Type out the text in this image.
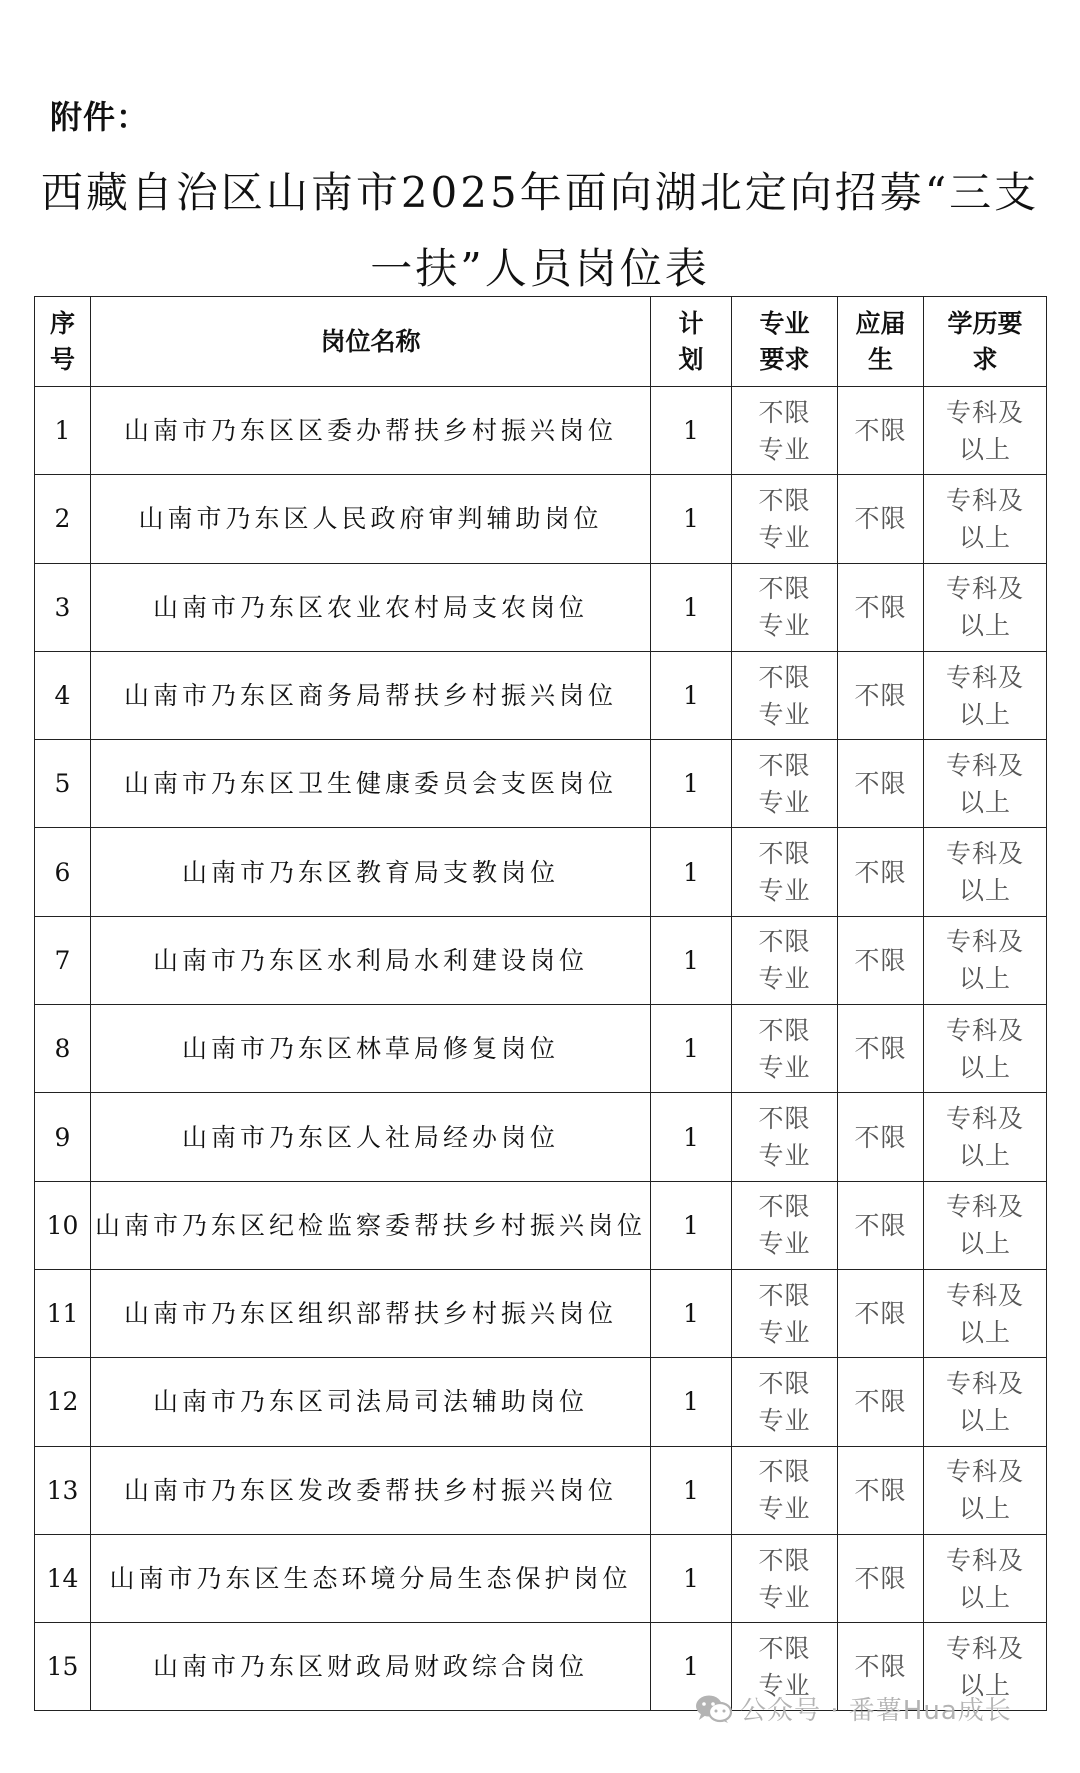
附件：
西藏自治区山南市2025年面向湖北定向招募“三支一扶”人员岗位表
序号	岗位名称	计划	专业要求	应届生	学历要求

1	山南市乃东区区委办帮扶乡村振兴岗位	1	不限专业	不限	专科及以上

2	山南市乃东区人民政府审判辅助岗位	1	不限专业	不限	专科及以上

3	山南市乃东区农业农村局支农岗位	1	不限专业	不限	专科及以上

4	山南市乃东区商务局帮扶乡村振兴岗位	1	不限专业	不限	专科及以上

5	山南市乃东区卫生健康委员会支医岗位	1	不限专业	不限	专科及以上

6	山南市乃东区教育局支教岗位	1	不限专业	不限	专科及以上

7	山南市乃东区水利局水利建设岗位	1	不限专业	不限	专科及以上

8	山南市乃东区林草局修复岗位	1	不限专业	不限	专科及以上

9	山南市乃东区人社局经办岗位	1	不限专业	不限	专科及以上

10	山南市乃东区纪检监察委帮扶乡村振兴岗位	1	不限专业	不限	专科及以上

11	山南市乃东区组织部帮扶乡村振兴岗位	1	不限专业	不限	专科及以上

12	山南市乃东区司法局司法辅助岗位	1	不限专业	不限	专科及以上

13	山南市乃东区发改委帮扶乡村振兴岗位	1	不限专业	不限	专科及以上

14	山南市乃东区生态环境分局生态保护岗位	1	不限专业	不限	专科及以上

15	山南市乃东区财政局财政综合岗位	1	不限专业	不限	专科及以上
公众号 · 番薯Hua成长
